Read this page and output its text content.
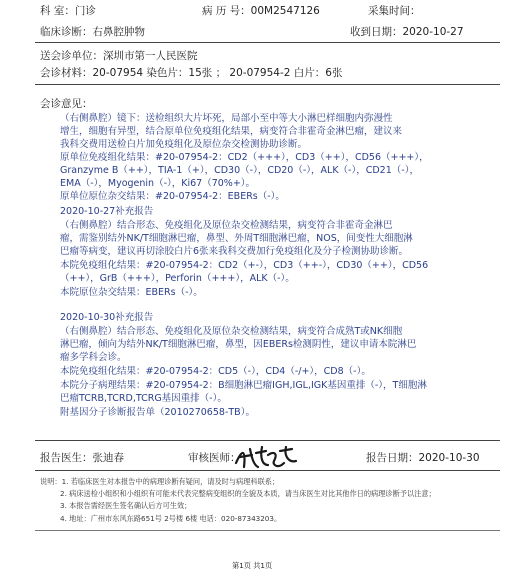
科 室：门诊	病 历 号：00M2547126	采集时间：
临床诊断：右鼻腔肿物	收到日期：2020-10-27
送会诊单位：深圳市第一人民医院
会诊材料：20-07954 染色片：15张 ； 20-07954-2 白片：6张
会诊意见：
（右侧鼻腔）镜下：送检组织大片坏死，局部小至中等大小淋巴样细胞内弥漫性
增生，细胞有异型，结合原单位免疫组化结果，病变符合非霍奇金淋巴瘤，建议来
我科交费用送检白片加免疫组化及原位杂交检测协助诊断。
原单位免疫组化结果：#20-07954-2：CD2（+++），CD3（++），CD56（+++），
Granzyme B（++），TIA-1（+），CD30（-），CD20（-），ALK（-），CD21（-），
EMA（-），Myogenin（-），Ki67（70%+）。
原单位原位杂交结果：#20-07954-2：EBERs（-）。
2020-10-27补充报告
（右侧鼻腔）结合形态、免疫组化及原位杂交检测结果，病变符合非霍奇金淋巴
瘤，需鉴别结外NK/T细胞淋巴瘤，鼻型、外周T细胞淋巴瘤，NOS，间变性大细胞淋
巴瘤等病变，建议再切涂胶白片6张来我科交费加行免疫组化及分子检测协助诊断。
本院免疫组化结果：#20-07954-2：CD2（+-），CD3（++-），CD30（++），CD56
（++），GrB（+++），Perforin（+++），ALK（-）。
本院原位杂交结果：EBERs（-）。
2020-10-30补充报告
（右侧鼻腔）结合形态、免疫组化及原位杂交检测结果，病变符合成熟T或NK细胞
淋巴瘤，倾向为结外NK/T细胞淋巴瘤，鼻型，因EBERs检测阴性，建议申请本院淋巴
瘤多学科会诊。
本院免疫组化结果：#20-07954-2：CD5（-），CD4（-/+），CD8（-）。
本院分子病理结果：#20-07954-2：B细胞淋巴瘤IGH,IGL,IGK基因重排（-），T细胞淋
巴瘤TCRB,TCRD,TCRG基因重排（-）。
附基因分子诊断报告单（2010270658-TB）。
报告医生：张迪春	审核医师：	报告日期：2020-10-30
说明：1. 若临床医生对本报告中的病理诊断有疑问，请及时与病理科联系；
2. 病床送检小组织和小组织有可能未代表完整病变组织的全貌及本质，请当床医生对比其他作日的病理诊断予以注意；
3. 本报告需经医生签名确认后方可生效；
4. 地址：广州市东风东路651号 2号楼 6楼 电话：020-87343203。
第1页 共1页
